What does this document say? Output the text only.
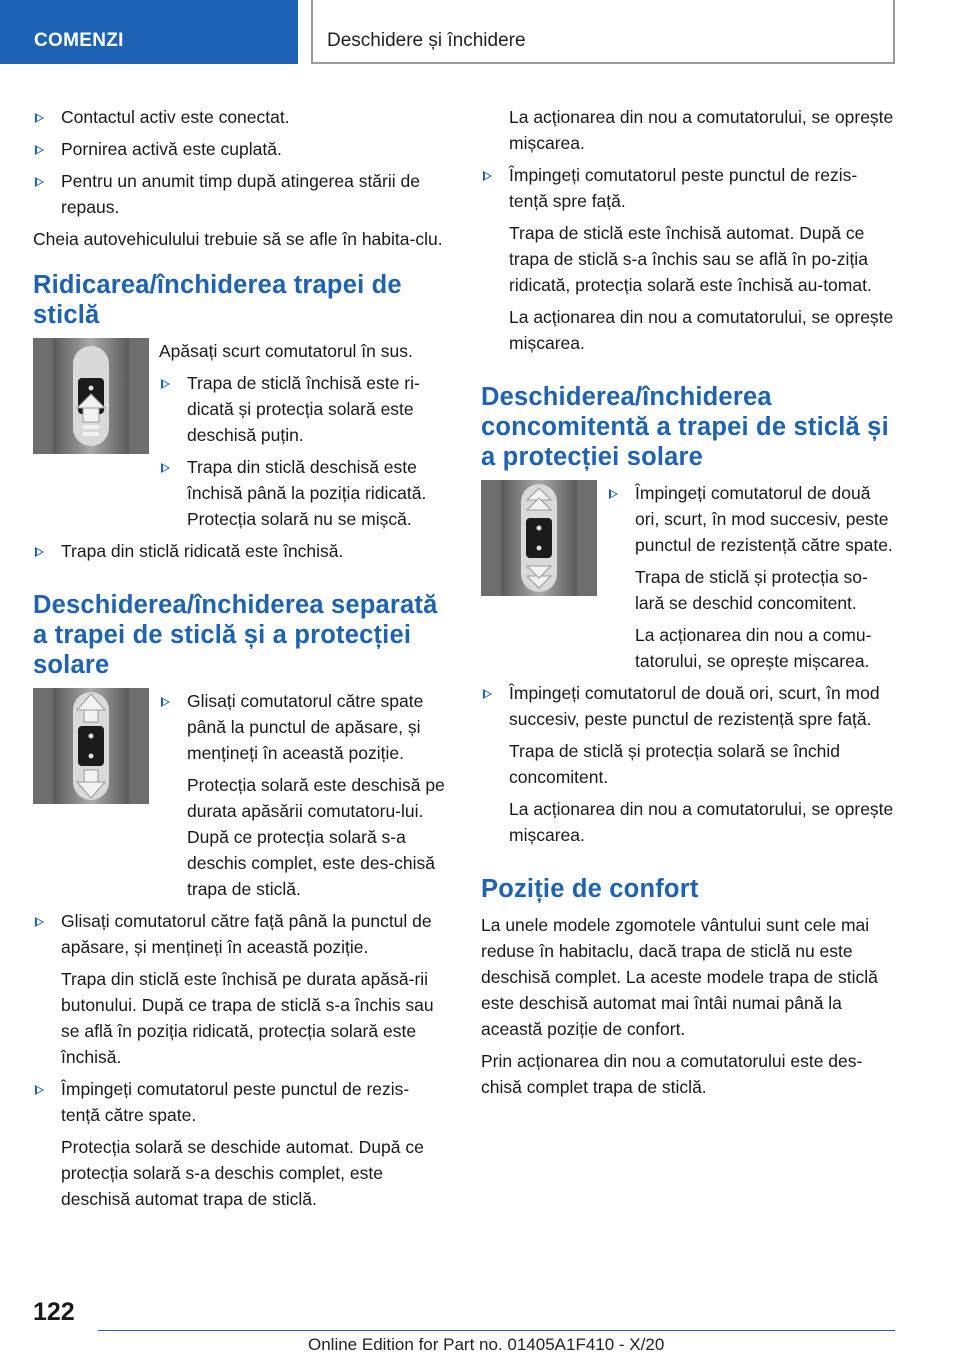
COMENZI	Deschidere și închidere
Contactul activ este conectat.
Pornirea activă este cuplată.
Pentru un anumit timp după atingerea stării de repaus.

Cheia autovehiculului trebuie să se afle în habita-clu.

Ridicarea/închiderea trapei de sticlă

Apăsați scurt comutatorul în sus.

Trapa de sticlă închisă este ri-dicată și protecția solară este deschisă puțin.
Trapa din sticlă deschisă este închisă până la poziția ridicată. Protecția solară nu se mișcă.
Trapa din sticlă ridicată este închisă.
Deschiderea/închiderea separată a trapei de sticlă și a protecției solare
Glisați comutatorul către spate până la punctul de apăsare, și mențineți în această poziție.

Protecția solară este deschisă pe durata apăsării comutatoru-lui. După ce protecția solară s-a deschis complet, este des-chisă trapa de sticlă.

Glisați comutatorul către față până la punctul de apăsare, și mențineți în această poziție.

Trapa din sticlă este închisă pe durata apăsă-rii butonului. După ce trapa de sticlă s-a închis sau se află în poziția ridicată, protecția solară este închisă.

Împingeți comutatorul peste punctul de rezis-tență către spate.

Protecția solară se deschide automat. După ce protecția solară s-a deschis complet, este deschisă automat trapa de sticlă.

La acționarea din nou a comutatorului, se oprește mișcarea.

Împingeți comutatorul peste punctul de rezis-tență spre față.

Trapa de sticlă este închisă automat. După ce trapa de sticlă s-a închis sau se află în po-ziția ridicată, protecția solară este închisă au-tomat.

La acționarea din nou a comutatorului, se oprește mișcarea.

Deschiderea/închiderea concomitentă a trapei de sticlă și a protecției solare
Împingeți comutatorul de două ori, scurt, în mod succesiv, peste punctul de rezistență către spate.

Trapa de sticlă și protecția so-lară se deschid concomitent.

La acționarea din nou a comu-tatorului, se oprește mișcarea.

Împingeți comutatorul de două ori, scurt, în mod succesiv, peste punctul de rezistență spre față.

Trapa de sticlă și protecția solară se închid concomitent.

La acționarea din nou a comutatorului, se oprește mișcarea.

Poziție de confort

La unele modele zgomotele vântului sunt cele mai reduse în habitaclu, dacă trapa de sticlă nu este deschisă complet. La aceste modele trapa de sticlă este deschisă automat mai întâi numai până la această poziție de confort.

Prin acționarea din nou a comutatorului este des-chisă complet trapa de sticlă.

122
Online Edition for Part no. 01405A1F410 - X/20
